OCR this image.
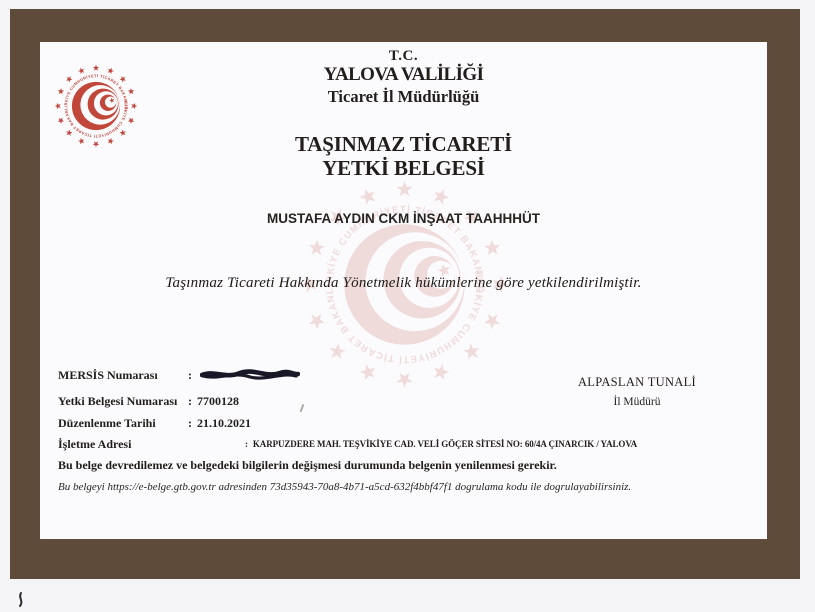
T.C.
YALOVA VALİLİĞİ
Ticaret İl Müdürlüğü
TAŞINMAZ TİCARETİ
YETKİ BELGESİ
MUSTAFA AYDIN CKM İNŞAAT TAAHHHÜT
Taşınmaz Ticareti Hakkında Yönetmelik hükümlerine göre yetkilendirilmiştir.
MERSİS Numarası	:
Yetki Belgesi Numarası : 7700128
Düzenlenme Tarihi	: 21.10.2021
İşletme Adresi	: KARPUZDERE MAH. TEŞVİKİYE CAD. VELİ GÖÇER SİTESİ NO: 60/4A ÇINARCIK / YALOVA
Bu belge devredilemez ve belgedeki bilgilerin değişmesi durumunda belgenin yenilenmesi gerekir.
Bu belgeyi https://e-belge.gtb.gov.tr adresinden 73d35943-70a8-4b71-a5cd-632f4bbf47f1 dogrulama kodu ile dogrulayabilirsiniz.
ALPASLAN TUNALİ
İl Müdürü
